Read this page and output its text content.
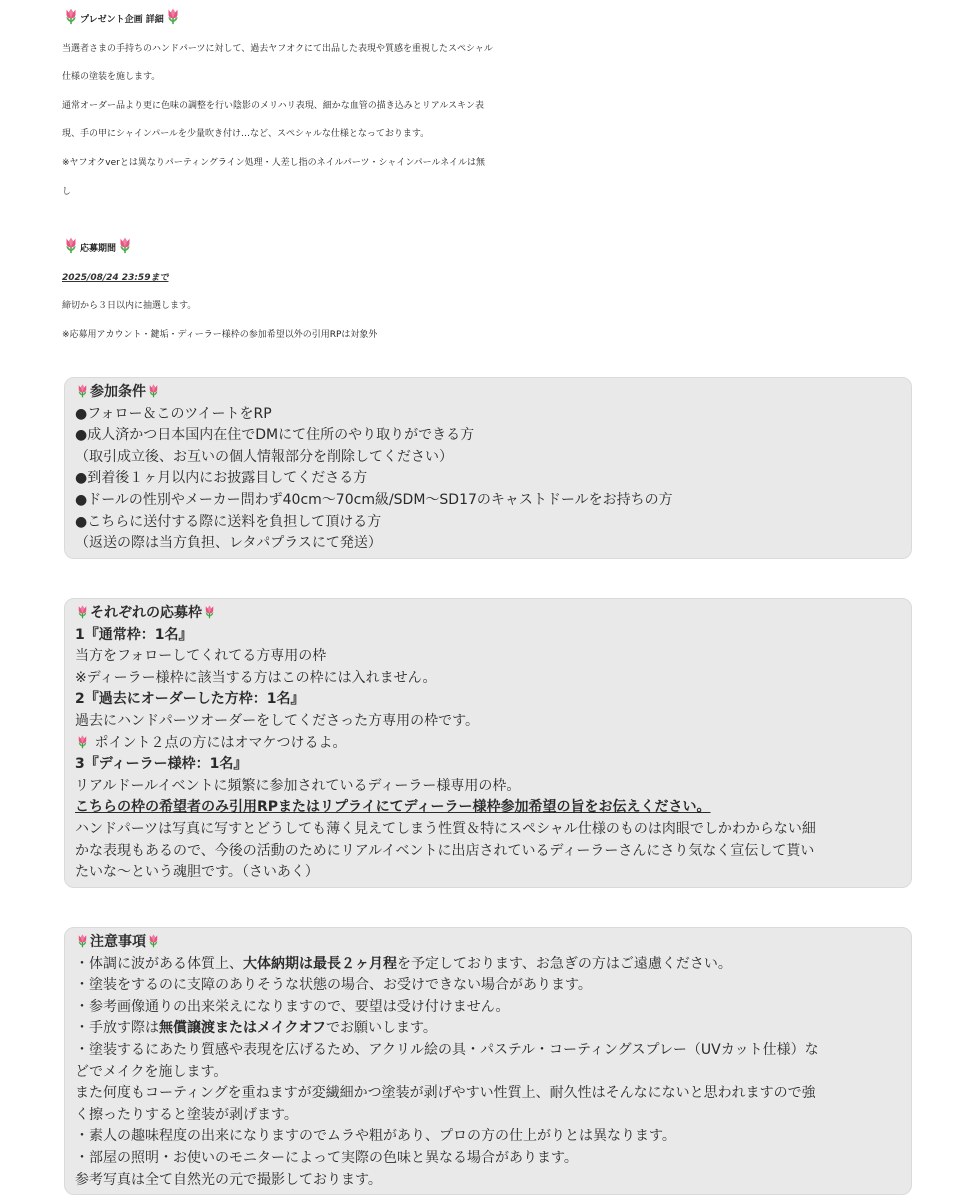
プレゼント企画 詳細
当選者さまの手持ちのハンドパーツに対して、過去ヤフオクにて出品した表現や質感を重視したスペシャル
仕様の塗装を施します。
通常オーダー品より更に色味の調整を行い陰影のメリハリ表現、細かな血管の描き込みとリアルスキン表
現、手の甲にシャインパールを少量吹き付け…など、スペシャルな仕様となっております。
※ヤフオクverとは異なりパーティングライン処理・人差し指のネイルパーツ・シャインパールネイルは無
し
応募期間
2025/08/24 23:59まで
締切から３日以内に抽選します。
※応募用アカウント・鍵垢・ディーラー様枠の参加希望以外の引用RPは対象外
参加条件
●フォロー＆このツイートをRP
●成人済かつ日本国内在住でDMにて住所のやり取りができる方
（取引成立後、お互いの個人情報部分を削除してください）
●到着後１ヶ月以内にお披露目してくださる方
●ドールの性別やメーカー問わず40cm〜70cm級/SDM〜SD17のキャストドールをお持ちの方
●こちらに送付する際に送料を負担して頂ける方
（返送の際は当方負担、レタパプラスにて発送）
それぞれの応募枠
1『通常枠：1名』
当方をフォローしてくれてる方専用の枠
※ディーラー様枠に該当する方はこの枠には入れません。
2『過去にオーダーした方枠：1名』
過去にハンドパーツオーダーをしてくださった方専用の枠です。
ポイント２点の方にはオマケつけるよ。
3『ディーラー様枠：1名』
リアルドールイベントに頻繁に参加されているディーラー様専用の枠。
こちらの枠の希望者のみ引用RPまたはリプライにてディーラー様枠参加希望の旨をお伝えください。
ハンドパーツは写真に写すとどうしても薄く見えてしまう性質＆特にスペシャル仕様のものは肉眼でしかわからない細
かな表現もあるので、今後の活動のためにリアルイベントに出店されているディーラーさんにさり気なく宣伝して貰い
たいな〜という魂胆です。（さいあく）
注意事項
・体調に波がある体質上、大体納期は最長２ヶ月程を予定しております、お急ぎの方はご遠慮ください。
・塗装をするのに支障のありそうな状態の場合、お受けできない場合があります。
・参考画像通りの出来栄えになりますので、要望は受け付けません。
・手放す際は無償譲渡またはメイクオフでお願いします。
・塗装するにあたり質感や表現を広げるため、アクリル絵の具・パステル・コーティングスプレー（UVカット仕様）な
どでメイクを施します。
また何度もコーティングを重ねますが変繊細かつ塗装が剥げやすい性質上、耐久性はそんなにないと思われますので強
く擦ったりすると塗装が剥げます。
・素人の趣味程度の出来になりますのでムラや粗があり、プロの方の仕上がりとは異なります。
・部屋の照明・お使いのモニターによって実際の色味と異なる場合があります。
参考写真は全て自然光の元で撮影しております。
